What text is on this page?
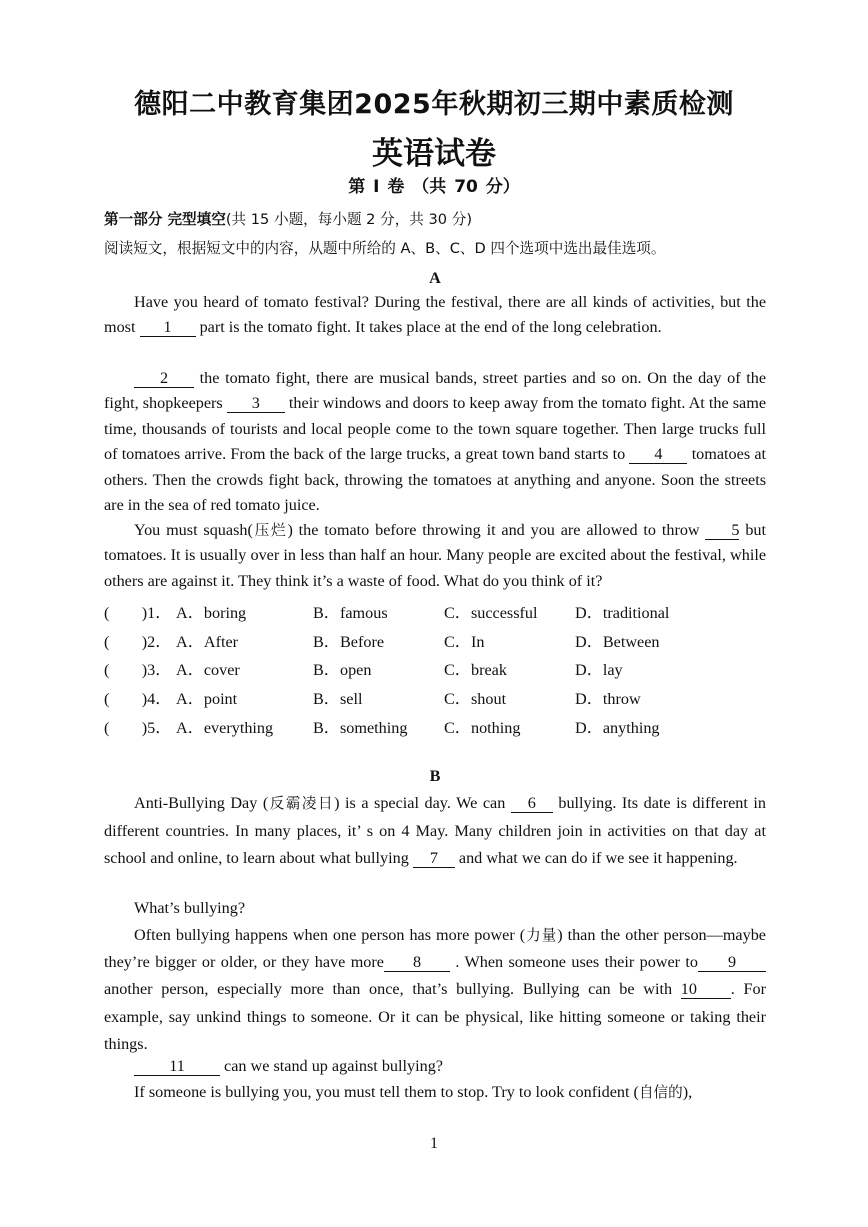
德阳二中教育集团2025年秋期初三期中素质检测
英语试卷
第 I 卷 （共 70 分）
第一部分 完型填空(共 15 小题，每小题 2 分，共 30 分)
阅读短文，根据短文中的内容，从题中所给的 A、B、C、D 四个选项中选出最佳选项。
A
Have you heard of tomato festival? During the festival, there are all kinds of activities, but the most 1 part is the tomato fight. It takes place at the end of the long celebration.
2 the tomato fight, there are musical bands, street parties and so on. On the day of the fight, shopkeepers 3 their windows and doors to keep away from the tomato fight. At the same time, thousands of tourists and local people come to the town square together. Then large trucks full of tomatoes arrive. From the back of the large trucks, a great town band starts to 4 tomatoes at others. Then the crowds fight back, throwing the tomatoes at anything and anyone. Soon the streets are in the sea of red tomato juice.
You must squash(压烂) the tomato before throwing it and you are allowed to throw 5 but tomatoes. It is usually over in less than half an hour. Many people are excited about the festival, while others are against it. They think it’s a waste of food. What do you think of it?
(　　)1．	A．boring	B．famous	C．successful	D．traditional
(　　)2．	A．After	B．Before	C．In	D．Between
(　　)3．	A．cover	B．open	C．break	D．lay
(　　)4．	A．point	B．sell	C．shout	D．throw
(　　)5．	A．everything	B．something	C．nothing	D．anything
B
Anti-Bullying Day (反霸凌日) is a special day. We can 6 bullying. Its date is different in different countries. In many places, it’ s on 4 May. Many children join in activities on that day at school and online, to learn about what bullying 7 and what we can do if we see it happening.
What’s bullying?
Often bullying happens when one person has more power (力量) than the other person—maybe they’re bigger or older, or they have more 8 . When someone uses their power to 9 another person, especially more than once, that’s bullying. Bullying can be with 10 . For example, say unkind things to someone. Or it can be physical, like hitting someone or taking their things.
11 can we stand up against bullying?
If someone is bullying you, you must tell them to stop. Try to look confident (自信的),
1
